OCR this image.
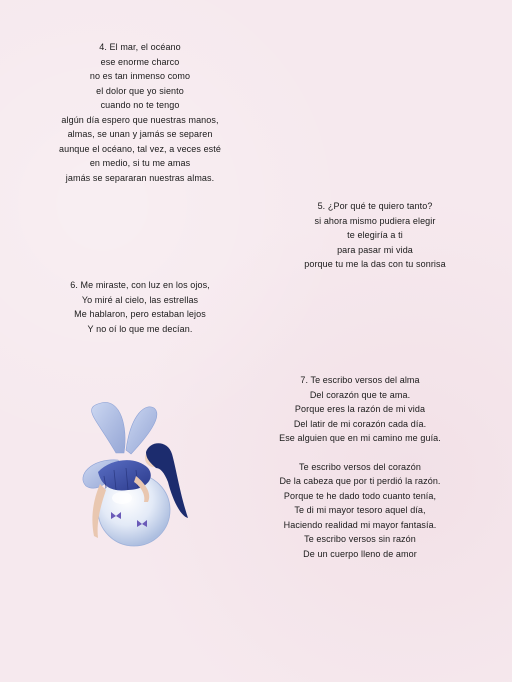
4. El mar, el océano
ese enorme charco
no es tan inmenso como
el dolor que yo siento
cuando no te tengo
algún día espero que nuestras manos,
almas, se unan y jamás se separen
aunque el océano, tal vez, a veces esté
en medio, si tu me amas
jamás se separaran nuestras almas.
5. ¿Por qué te quiero tanto?
si ahora mismo pudiera elegir
te elegiría a ti
para pasar mi vida
porque tu me la das con tu sonrisa
6. Me miraste, con luz en los ojos,
Yo miré al cielo, las estrellas
Me hablaron, pero estaban lejos
Y no oí lo que me decían.
7. Te escribo versos del alma
Del corazón que te ama.
Porque eres la razón de mi vida
Del latir de mi corazón cada día.
Ese alguien que en mi camino me guía.
Te escribo versos del corazón
De la cabeza que por ti perdió la razón.
Porque te he dado todo cuanto tenía,
Te di mi mayor tesoro aquel día,
Haciendo realidad mi mayor fantasía.
Te escribo versos sin razón
De un cuerpo lleno de amor
